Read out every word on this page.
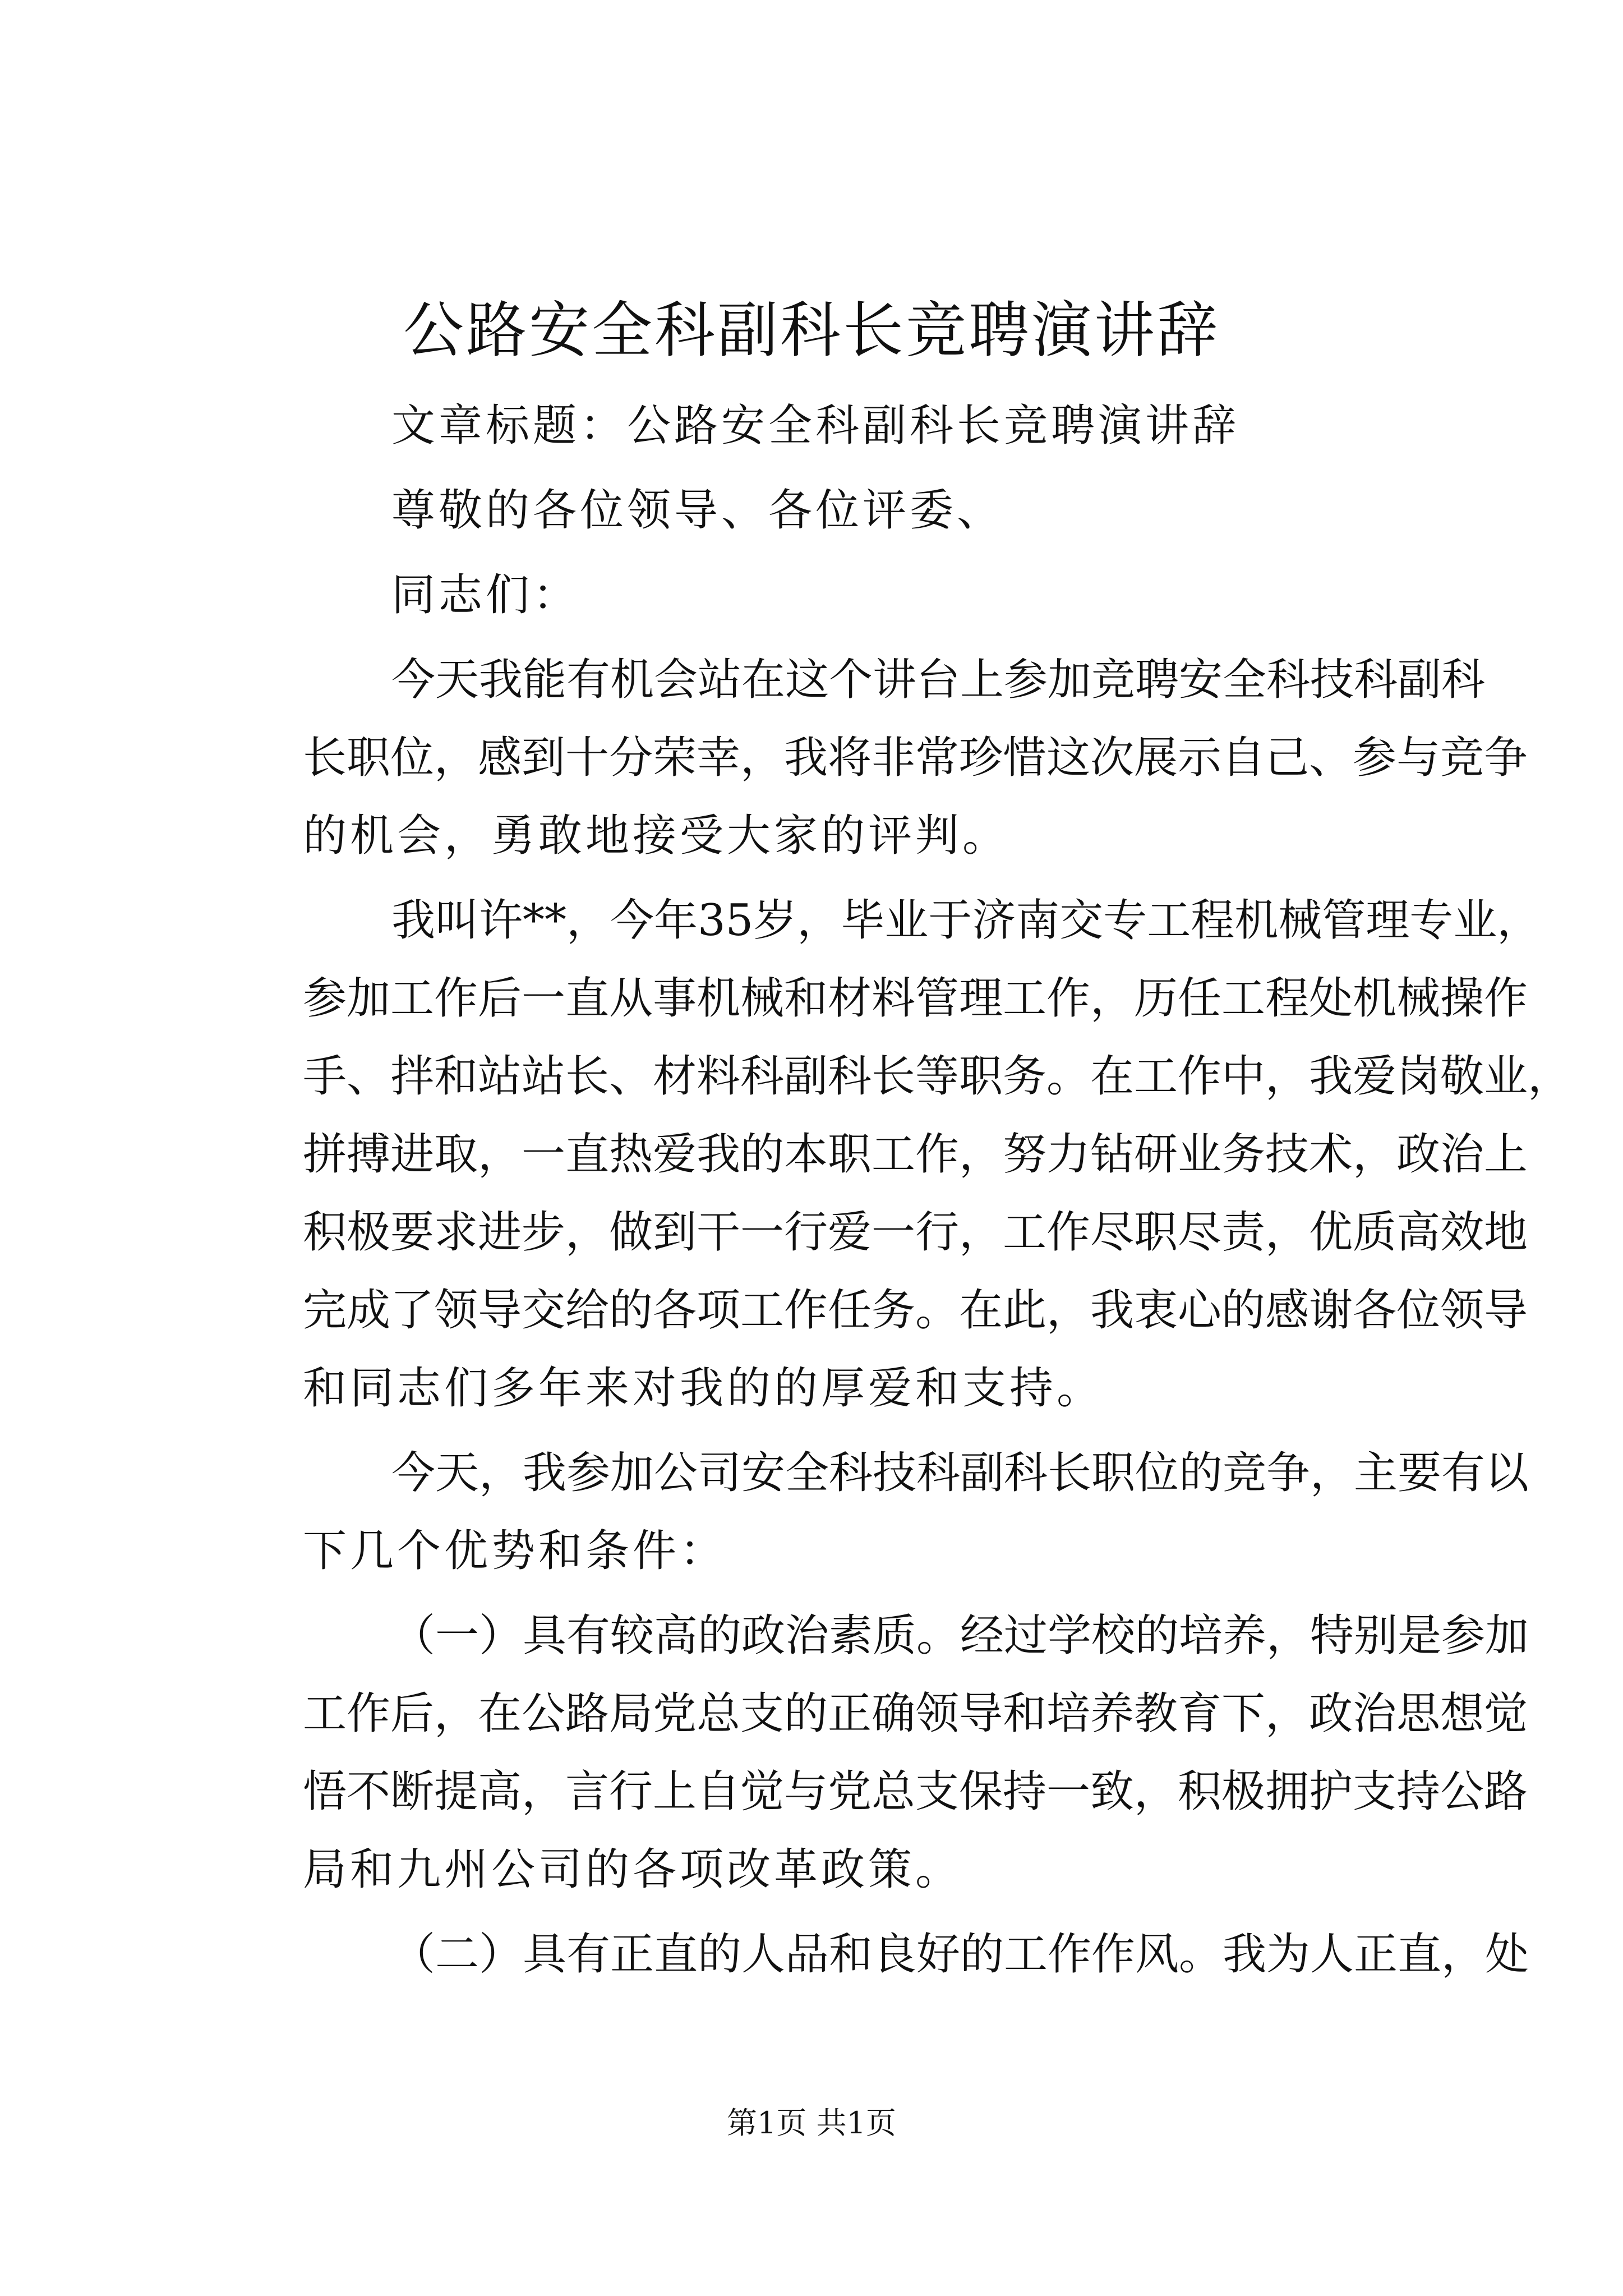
公路安全科副科长竞聘演讲辞
文章标题：公路安全科副科长竞聘演讲辞
尊敬的各位领导、各位评委、
同志们：
今天我能有机会站在这个讲台上参加竞聘安全科技科副科
长职位，感到十分荣幸，我将非常珍惜这次展示自己、参与竞争
的机会，勇敢地接受大家的评判。
我叫许**，今年35岁，毕业于济南交专工程机械管理专业，
参加工作后一直从事机械和材料管理工作，历任工程处机械操作
手、拌和站站长、材料科副科长等职务。在工作中，我爱岗敬业，
拼搏进取，一直热爱我的本职工作，努力钻研业务技术，政治上
积极要求进步，做到干一行爱一行，工作尽职尽责，优质高效地
完成了领导交给的各项工作任务。在此，我衷心的感谢各位领导
和同志们多年来对我的的厚爱和支持。
今天，我参加公司安全科技科副科长职位的竞争，主要有以
下几个优势和条件：
（一）具有较高的政治素质。经过学校的培养，特别是参加
工作后，在公路局党总支的正确领导和培养教育下，政治思想觉
悟不断提高，言行上自觉与党总支保持一致，积极拥护支持公路
局和九州公司的各项改革政策。
（二）具有正直的人品和良好的工作作风。我为人正直，处
第1页 共1页
